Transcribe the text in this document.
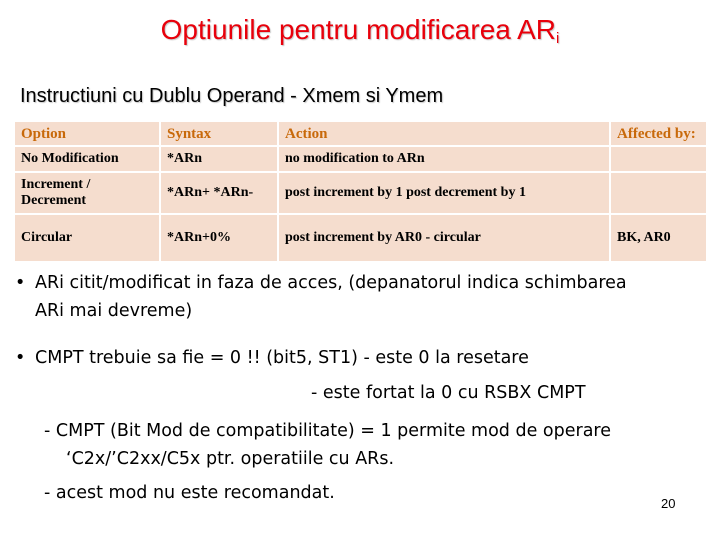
Optiunile pentru modificarea $AR_i$
Instructiuni cu Dublu Operand - Xmem si Ymem
Option	Syntax	Action	Affected by:
No Modification	*ARn	no modification to ARn	
Increment / Decrement	*ARn+ *ARn-	post increment by 1 post decrement by 1	
Circular	*ARn+0%	post increment by AR0 - circular	BK, AR0
• ARi citit/modificat in faza de acces, (depanatorul indica schimbarea
ARi mai devreme)
• CMPT trebuie sa fie = 0 !! (bit5, ST1) - este 0 la resetare
- este fortat la 0 cu RSBX CMPT
- CMPT (Bit Mod de compatibilitate) = 1 permite mod de operare
‘C2x/’C2xx/C5x ptr. operatiile cu ARs.
- acest mod nu este recomandat.
20
